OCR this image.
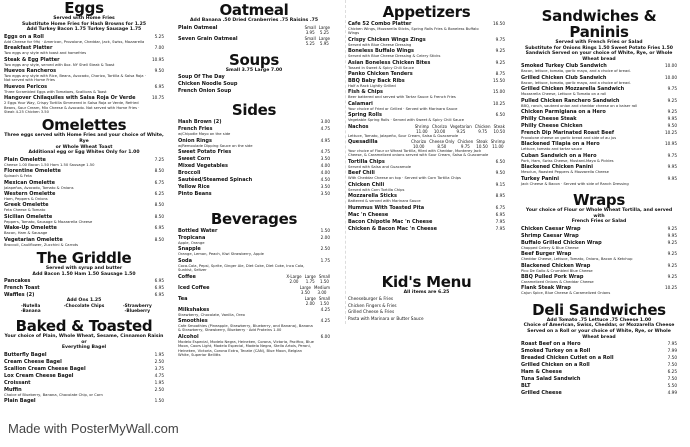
Eggs
Served with Home Fries
Substitute Home Fries for Hash Browns for 1.25
Add Turkey Bacon 1.75 Turkey Sausage 1.75
Eggs on a Roll	5.25
Add Cheese for 99¢ · American, Provolone, Cheddar, Jack, Swiss, Mozzarella
Breakfast Platter	7.00
Two eggs any style with toast and homefries
Steak & Egg Platter	10.95
Two eggs any style, served with 8oz. NY Shell Steak & Toast
Huevos Rancheros	9.50
Two eggs any style with Rice, Beans, Avocado, Chorizo, Tortilla & Salsa Roja · Not served with Home Fries
Huevos Pericos	6.95
Three Scrambled Eggs with Tomatoes, Scallions & Toast
Hangover Chilaquiles with Salsa Roja Or Verde	10.75
2 Eggs Your Way, Crispy Tortilla Simmered in Salsa Roja or Verde, Refried Beans, Sour Cream, Mix Cheese & Avocado. Not served with Home Fries · Steak 4.25 Chicken 3.50
Omelettes
Three eggs served with Home Fries and your choice of White, Rye
or Whole Wheat Toast
Additional egg or Egg Whites Only for 1.00
Plain Omelette	7.25
Cheese 1.00 Bacon 1.50 Ham 1.50 Sausage 1.50
Florentine Omelette	8.50
Spinach & Feta
Mexican Omelette	6.75
Jalapeños, Avocado, Tomato & Onions
Western Omelette	6.25
Ham, Peppers & Onions
Greek Omelette	8.50
Feta Cheese & Tomato
Sicilian Omelette	8.50
Peppers, Tomato, Sausage & Mozzarella Cheese
Wake-Up Omelette	6.95
Bacon, Ham & Sausage
Vegetarian Omelette	8.50
Broccoli, Cauliflower, Zucchini & Carrots
The Griddle
Served with syrup and butter
Add Bacon 1.50 Ham 1.50 Sausage 1.50
Pancakes	6.95
French Toast	6.95
Waffles (2)	6.95
Add Ons 1.25
-Nutella	-Chocolate Chips	-Strawberry
-Banana	-Blueberry
Baked & Toasted
Your choice of Plain, Whole Wheat, Sesame, Cinnamon Raisin or
Everything Bagel
Butterfly Bagel	1.95
Cream Cheese Bagel	2.50
Scallion Cream Cheese Bagel	3.75
Lox Cream Cheese Bagel	4.75
Croissant	1.95
Muffin	2.50
Choice of Blueberry, Banana, Chocolate Chip, or Corn
Plain Bagel	1.50
Oatmeal
Add Banana .50 Dried Cranberries .75 Raisins .75
Plain Oatmeal	Small
3.95
Large
5.25
Seven Grain Oatmeal	Small
5.25
Large
5.95
Soups
Small 3.75 Large 7.00
Soup Of The Day
Chicken Noodle Soup
French Onion Soup
Sides
Hash Brown (2)	3.00
French Fries	4.75
w/Chipotle Mayo on the side
Onion Rings	4.95
w/Remoulade Dipping Sauce on the side
Sweet Potato Fries	4.75
Sweet Corn	3.50
Mixed Vegetables	4.00
Broccoli	4.00
Sautéed/Steamed Spinach	4.50
Yellow Rice	3.50
Pinto Beans	3.50
Beverages
Bottled Water	1.50
Tropicana	2.00
Apple, Orange
Snapple	2.50
Orange, Lemon, Peach, Kiwi Strawberry, Apple
Soda	1.75
Coca-Cola, Pepsi, Sprite, Ginger Ale, Diet Coke, Diet Coke, Inca Cola, Sunkist, Seltzer
Coffee	X-Large
2.00
Large
1.75
Small
1.50
Iced Coffee	Large
3.50
Medium
3.00
Tea	Large
2.00
Small
1.50
Milkshakes	4.25
Strawberry, Chocolate, Vanilla, Oreo
Smoothies	4.25
Cafe Smoothies (Pineapple, Strawberry, Blueberry, and Banana), Banana & Strawberry, Strawberry, Blueberry · Add Proteins 1.00
Alcohol	6.00
Modelo Especial, Modelo Negra, Heineken, Corona, Victoria, Pacifico, Blue Moon, Coors Light, Modelo Especial, Modelo Negra, Stella Artois, Peroni, Heineken, Victoria, Corona Extra, Tecate (CAN), Blue Moon, Belgian White, Superior Bellitts
Appetizers
Cafe 52 Combo Platter	16.50
Chicken Wings, Mozzarella Sticks, Spring Rolls Fries & Boneless Buffalo Wings
Crispy Chicken Wings Zings	9.75
Served with Blue Cheese Dressing
Boneless Buffalo Wings	9.25
Served with Blue Cheese Dressing & Celery Sticks
Asian Boneless Chicken Bites	9.25
Tossed in Sweet & Spicy Chili Sauce
Panko Chicken Tenders	8.75
BBQ Baby Back Ribs	15.50
Half a Rack Lightly Grilled
Fish & Chips	15.00
Beer battered and served with Tartar Sauce & French Fries
Calamari	10.25
Your choice of Fried or Grilled · Served with Marinara Sauce
Spring Rolls	6.50
Vegetable Spring Rolls · Served with Sweet & Spicy Chili Sauce
Nachos	Shrimp
11.00
Chorizo
10.00
Vegetarian
9.25
Chicken
9.75
Steak
10.50
Lettuce, Tomato, Jalapeño, Sour Cream, Salsa & Guacamole
Quesadilla	Chorizo
10.00
Cheese Only
8.50
Chicken
9.75
Steak
10.50
Shrimp
11.00
Your choice of Flour or Wheat Tortilla, filled with Cheddar, Monterey Jack Cheese, & Caramelized onions served with Sour Cream, Salsa & Guacamole
Tortilla Chips	6.50
Served with Salsa and Guacamole
Beef Chili	9.50
With Cheddar Cheese on top · Served with Corn Tortilla Chips
Chicken Chili	9.15
Served with Corn Tortilla Chips
Mozzarella Sticks	8.95
Battered & served with Marinara Sauce
Hummus With Toasted Pita	6.75
Mac 'n Cheese	6.95
Bacon Chipotle Mac 'n Cheese	7.95
Chicken & Bacon Mac 'n Cheese	7.95
Kid's Menu
All items are 6.25
Cheeseburger & Fries
Chicken Fingers & Fries
Grilled Cheese & Fries
Pasta with Marinara or Butter Sauce
Sandwiches & Paninis
Served with French Fries or Salad
Substitute for Onions Rings 1.50 Sweet Potato Fries 1.50
Sandwich Served on your choice of White, Rye, or Whole Wheat bread
Smoked Turkey Club Sandwich	10.00
Bacon, lettuce, tomato, garlic mayo, and a choice of bread.
Grilled Chicken Club Sandwich	10.00
Bacon, lettuce, tomato, garlic mayo, and a choice of bread.
Grilled Chicken Mozzarella Sandwich	9.75
Mozzarella Cheese, Lettuce & Tomato on a roll
Pulled Chicken Ranchero Sandwich	9.25
BBQ, ranch, sauteed onion and cheddar cheese on a kaiser roll
Chicken Parmigiana on a Hero	9.25
Philly Cheese Steak	9.95
Philly Cheese Chicken	9.50
French Dip Marinated Roast Beef	10.25
Provolone cheese on garlic bread and side of au jus
Blackened Tilapia on a Hero	10.95
Lettuce, tomato and tartar sauce
Cuban Sandwich on a Hero	9.75
Pork, Ham, Swiss Cheese, Mustard-Mayo & Pickles
Blackened Chicken Panini	9.95
Mesclun, Roasted Peppers & Mozzarella Cheese
Turkey Panini	9.95
Jack Cheese & Bacon · Served with side of Ranch Dressing
Wraps
Your choice of Flour or Whole Wheat Tortilla, and served with
French Fries or Salad
Chicken Caesar Wrap	9.25
Shrimp Caesar Wrap	9.95
Buffalo Grilled Chicken Wrap	9.25
Chopped Celery & Blue Cheese
Beef Burger Wrap	9.25
Cheddar Cheese, Lettuce, Tomato, Onions, Bacon & Ketchup
Blackened Chicken Wrap	9.25
Pico De Gallo & Crumbled Blue Cheese
BBQ Pulled Pork Wrap	9.25
Caramelized Onions & Cheddar Cheese
Flank Steak Wrap	10.25
Cajun Spice, Blue Cheese & Caramelized Onions
Deli Sandwiches
Add Tomato .75 Lettuce .75 Cheese 1.00
Choice of American, Swiss, Cheddar, or Mozzarella Cheese
Served on a Roll or your choice of White, Rye, or Whole Wheat bread
Roast Beef on a Hero	7.95
Smoked Turkey on a Roll	7.99
Breaded Chicken Cutlet on a Roll	7.50
Grilled Chicken on a Roll	7.50
Ham & Cheese	6.25
Tuna Salad Sandwich	7.50
BLT	5.50
Grilled Cheese	4.99
Made with PosterMyWall.com
